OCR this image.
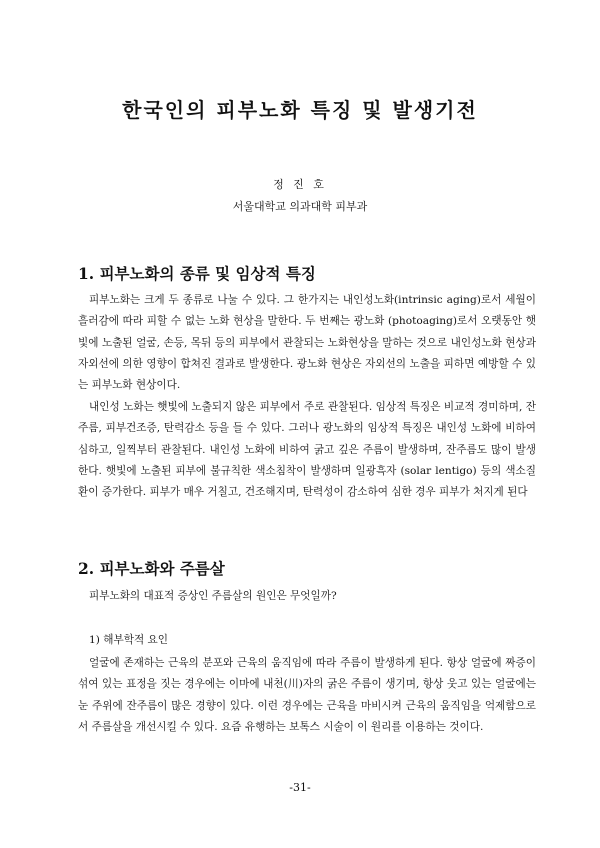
한국인의 피부노화 특징 및 발생기전

정 진 호

서울대학교 의과대학 피부과

1. 피부노화의 종류 및 임상적 특징

피부노화는 크게 두 종류로 나눌 수 있다. 그 한가지는 내인성노화(intrinsic aging)로서 세월이 흘러감에 따라 피할 수 없는 노화 현상을 말한다. 두 번째는 광노화 (photoaging)로서 오랫동안 햇빛에 노출된 얼굴, 손등, 목뒤 등의 피부에서 관찰되는 노화현상을 말하는 것으로 내인성노화 현상과 자외선에 의한 영향이 합쳐진 결과로 발생한다. 광노화 현상은 자외선의 노출을 피하면 예방할 수 있는 피부노화 현상이다.

내인성 노화는 햇빛에 노출되지 않은 피부에서 주로 관찰된다. 임상적 특징은 비교적 경미하며, 잔주름, 피부건조증, 탄력감소 등을 들 수 있다. 그러나 광노화의 임상적 특징은 내인성 노화에 비하여 심하고, 일찍부터 관찰된다. 내인성 노화에 비하여 굵고 깊은 주름이 발생하며, 잔주름도 많이 발생한다. 햇빛에 노출된 피부에 불규칙한 색소침착이 발생하며 일광흑자 (solar lentigo) 등의 색소질환이 증가한다. 피부가 매우 거칠고, 건조해지며, 탄력성이 감소하여 심한 경우 피부가 처지게 된다

2. 피부노화와 주름살

피부노화의 대표적 증상인 주름살의 원인은 무엇일까?

1) 해부학적 요인

얼굴에 존재하는 근육의 분포와 근육의 움직임에 따라 주름이 발생하게 된다. 항상 얼굴에 짜증이 섞여 있는 표정을 짓는 경우에는 이마에 내천(川)자의 굵은 주름이 생기며, 항상 웃고 있는 얼굴에는 눈 주위에 잔주름이 많은 경향이 있다. 이런 경우에는 근육을 마비시켜 근육의 움직임을 억제함으로서 주름살을 개선시킬 수 있다. 요즘 유행하는 보톡스 시술이 이 원리를 이용하는 것이다.

-31-
